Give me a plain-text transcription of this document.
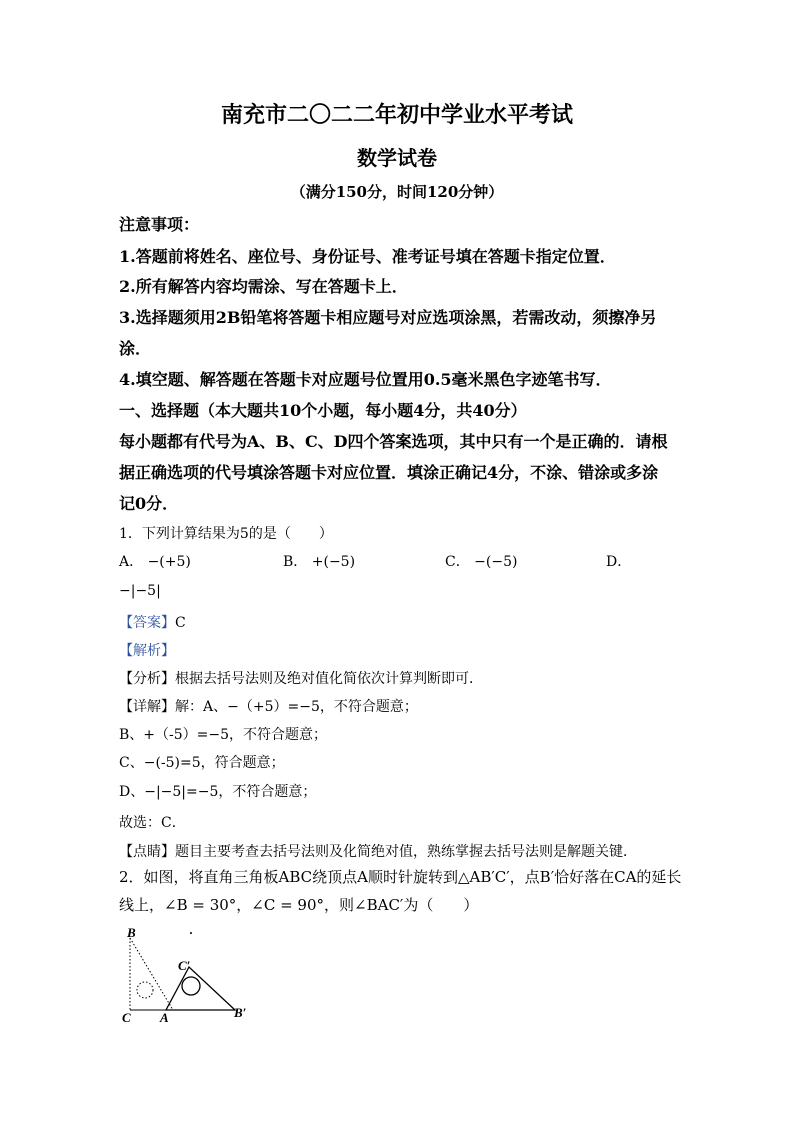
南充市二〇二二年初中学业水平考试
数学试卷
（满分150分，时间120分钟）
注意事项：
1.答题前将姓名、座位号、身份证号、准考证号填在答题卡指定位置．
2.所有解答内容均需涂、写在答题卡上．
3.选择题须用2B铅笔将答题卡相应题号对应选项涂黑，若需改动，须擦净另
涂．
4.填空题、解答题在答题卡对应题号位置用0.5毫米黑色字迹笔书写．
一、选择题（本大题共10个小题，每小题4分，共40分）
每小题都有代号为A、B、C、D四个答案选项，其中只有一个是正确的．请根
据正确选项的代号填涂答题卡对应位置．填涂正确记4分，不涂、错涂或多涂
记0分．
1．下列计算结果为5的是（　　）
A． −(+5)	B． +(−5)	C． −(−5)	D．
−|−5|
【答案】C
【解析】
【分析】根据去括号法则及绝对值化简依次计算判断即可．
【详解】解：A、−（+5）=−5，不符合题意；
B、+（-5）=−5，不符合题意；
C、−(-5)=5，符合题意；
D、−|−5|=−5，不符合题意；
故选：C．
【点睛】题目主要考查去括号法则及化简绝对值，熟练掌握去括号法则是解题关键．
2．如图，将直角三角板ABC绕顶点A顺时针旋转到△AB′C′，点B′恰好落在CA的延长
线上，∠B = 30°，∠C = 90°，则∠BAC′为（　　）
B
C A
C′
B′
